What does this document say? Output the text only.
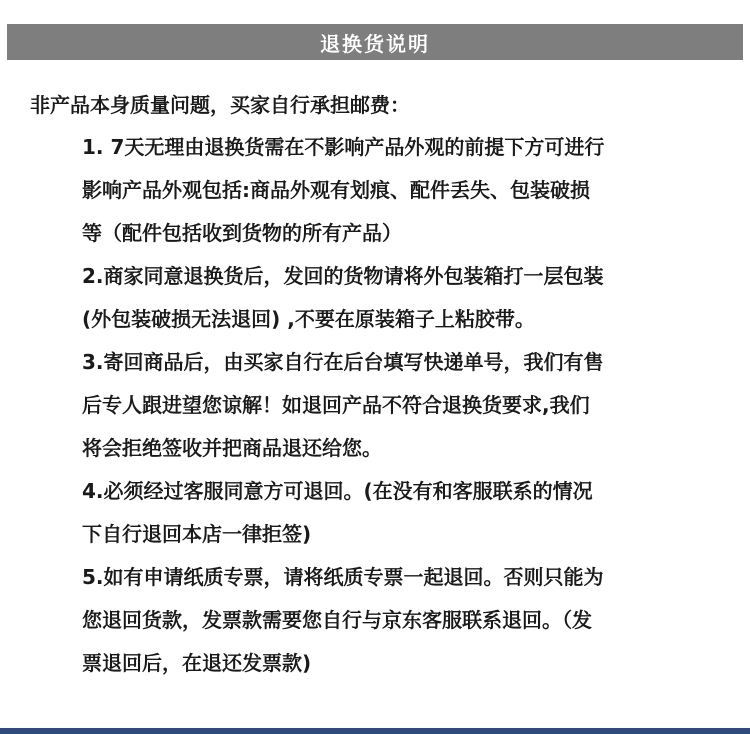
退换货说明
非产品本身质量问题，买家自行承担邮费：
1. 7天无理由退换货需在不影响产品外观的前提下方可进行
影响产品外观包括:商品外观有划痕、配件丢失、包装破损
等（配件包括收到货物的所有产品）
2.商家同意退换货后，发回的货物请将外包装箱打一层包装
(外包装破损无法退回) ,不要在原装箱子上粘胶带。
3.寄回商品后，由买家自行在后台填写快递单号，我们有售
后专人跟进望您谅解！如退回产品不符合退换货要求,我们
将会拒绝签收并把商品退还给您。
4.必须经过客服同意方可退回。(在没有和客服联系的情况
下自行退回本店一律拒签)
5.如有申请纸质专票，请将纸质专票一起退回。否则只能为
您退回货款，发票款需要您自行与京东客服联系退回。（发
票退回后，在退还发票款)
